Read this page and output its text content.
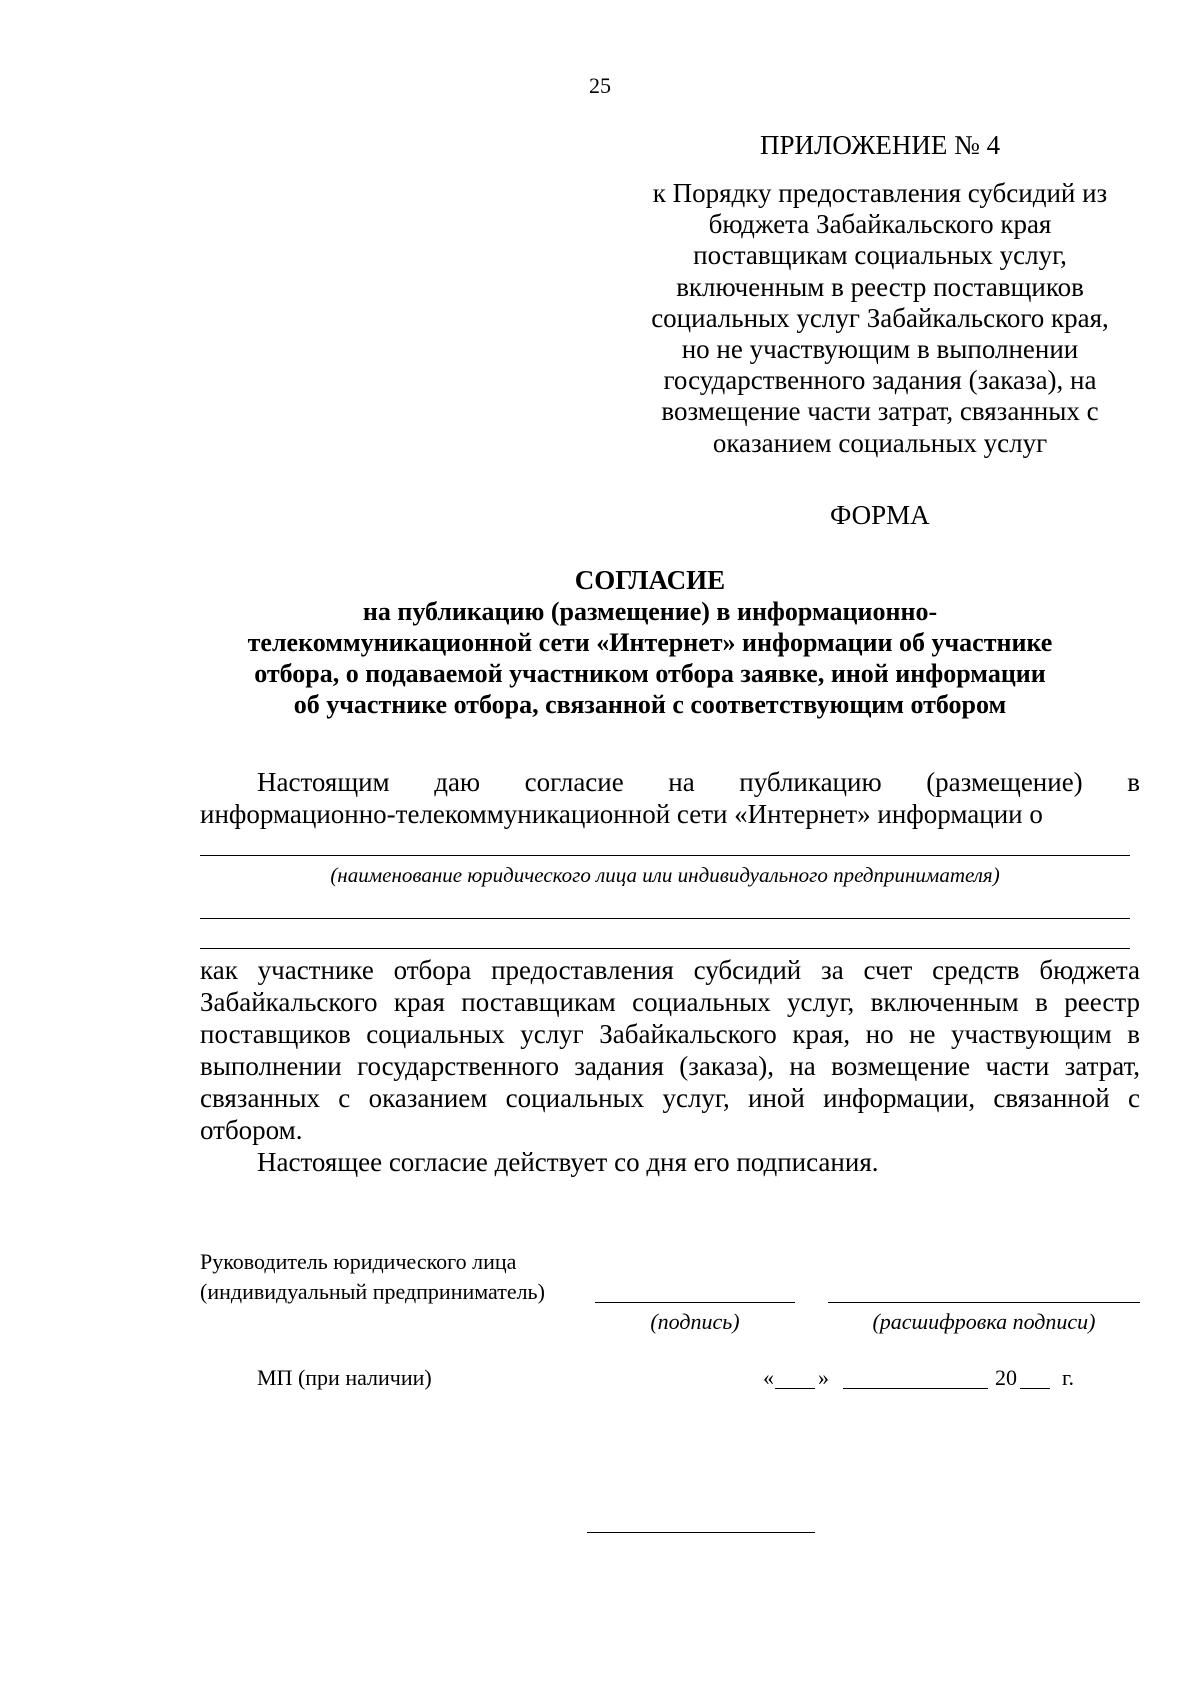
25
ПРИЛОЖЕНИЕ № 4
к Порядку предоставления субсидий из
бюджета Забайкальского края
поставщикам социальных услуг,
включенным в реестр поставщиков
социальных услуг Забайкальского края,
но не участвующим в выполнении
государственного задания (заказа), на
возмещение части затрат, связанных с
оказанием социальных услуг
ФОРМА
СОГЛАСИЕ
на публикацию (размещение) в информационно-
телекоммуникационной сети «Интернет» информации об участнике
отбора, о подаваемой участником отбора заявке, иной информации
об участнике отбора, связанной с соответствующим отбором
Настоящим даю согласие на публикацию (размещение) в
информационно-телекоммуникационной сети «Интернет» информации о
(наименование юридического лица или индивидуального предпринимателя)
как участнике отбора предоставления субсидий за счет средств бюджета
Забайкальского края поставщикам социальных услуг, включенным в реестр
поставщиков социальных услуг Забайкальского края, но не участвующим в
выполнении государственного задания (заказа), на возмещение части затрат,
связанных с оказанием социальных услуг, иной информации, связанной с
отбором.
Настоящее согласие действует со дня его подписания.
Руководитель юридического лица
(индивидуальный предприниматель)
(подпись)	(расшифровка подписи)
МП (при наличии)	« »	20 г.
